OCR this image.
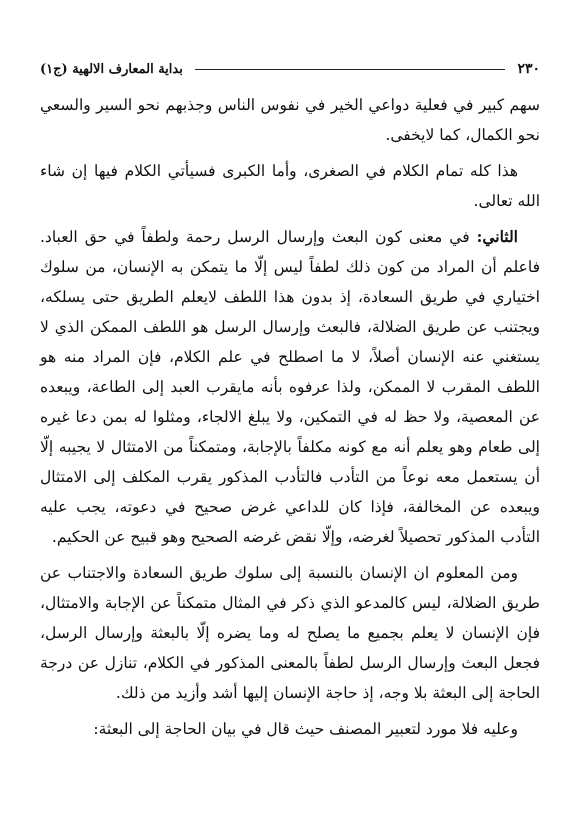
٢٣٠
بداية المعارف الالهية (ج١)

سهم كبير في فعلية دواعي الخير في نفوس الناس وجذبهم نحو السير والسعي نحو الكمال، كما لايخفى.

هذا كله تمام الكلام في الصغرى، وأما الكبرى فسيأتي الكلام فيها إن شاء الله تعالى.

الثاني: في معنى كون البعث وإرسال الرسل رحمة ولطفاً في حق العباد. فاعلم أن المراد من كون ذلك لطفاً ليس إلّا ما يتمكن به الإنسان، من سلوك اختياري في طريق السعادة، إذ بدون هذا اللطف لايعلم الطريق حتى يسلكه، ويجتنب عن طريق الضلالة، فالبعث وإرسال الرسل هو اللطف الممكن الذي لا يستغني عنه الإنسان أصلاً، لا ما اصطلح في علم الكلام، فإن المراد منه هو اللطف المقرب لا الممكن، ولذا عرفوه بأنه مايقرب العبد إلى الطاعة، ويبعده عن المعصية، ولا حظ له في التمكين، ولا يبلغ الالجاء، ومثلوا له بمن دعا غيره إلى طعام وهو يعلم أنه مع كونه مكلفاً بالإجابة، ومتمكناً من الامتثال لا يجيبه إلّا أن يستعمل معه نوعاً من التأدب فالتأدب المذكور يقرب المكلف إلى الامتثال ويبعده عن المخالفة، فإذا كان للداعي غرض صحيح في دعوته، يجب عليه التأدب المذكور تحصيلاً لغرضه، وإلّا نقض غرضه الصحيح وهو قبيح عن الحكيم.

ومن المعلوم ان الإنسان بالنسبة إلى سلوك طريق السعادة والاجتناب عن طريق الضلالة، ليس كالمدعو الذي ذكر في المثال متمكناً عن الإجابة والامتثال، فإن الإنسان لا يعلم بجميع ما يصلح له وما يضره إلّا بالبعثة وإرسال الرسل، فجعل البعث وإرسال الرسل لطفاً بالمعنى المذكور في الكلام، تنازل عن درجة الحاجة إلى البعثة بلا وجه، إذ حاجة الإنسان إليها أشد وأزيد من ذلك.

وعليه فلا مورد لتعبير المصنف حيث قال في بيان الحاجة إلى البعثة:
